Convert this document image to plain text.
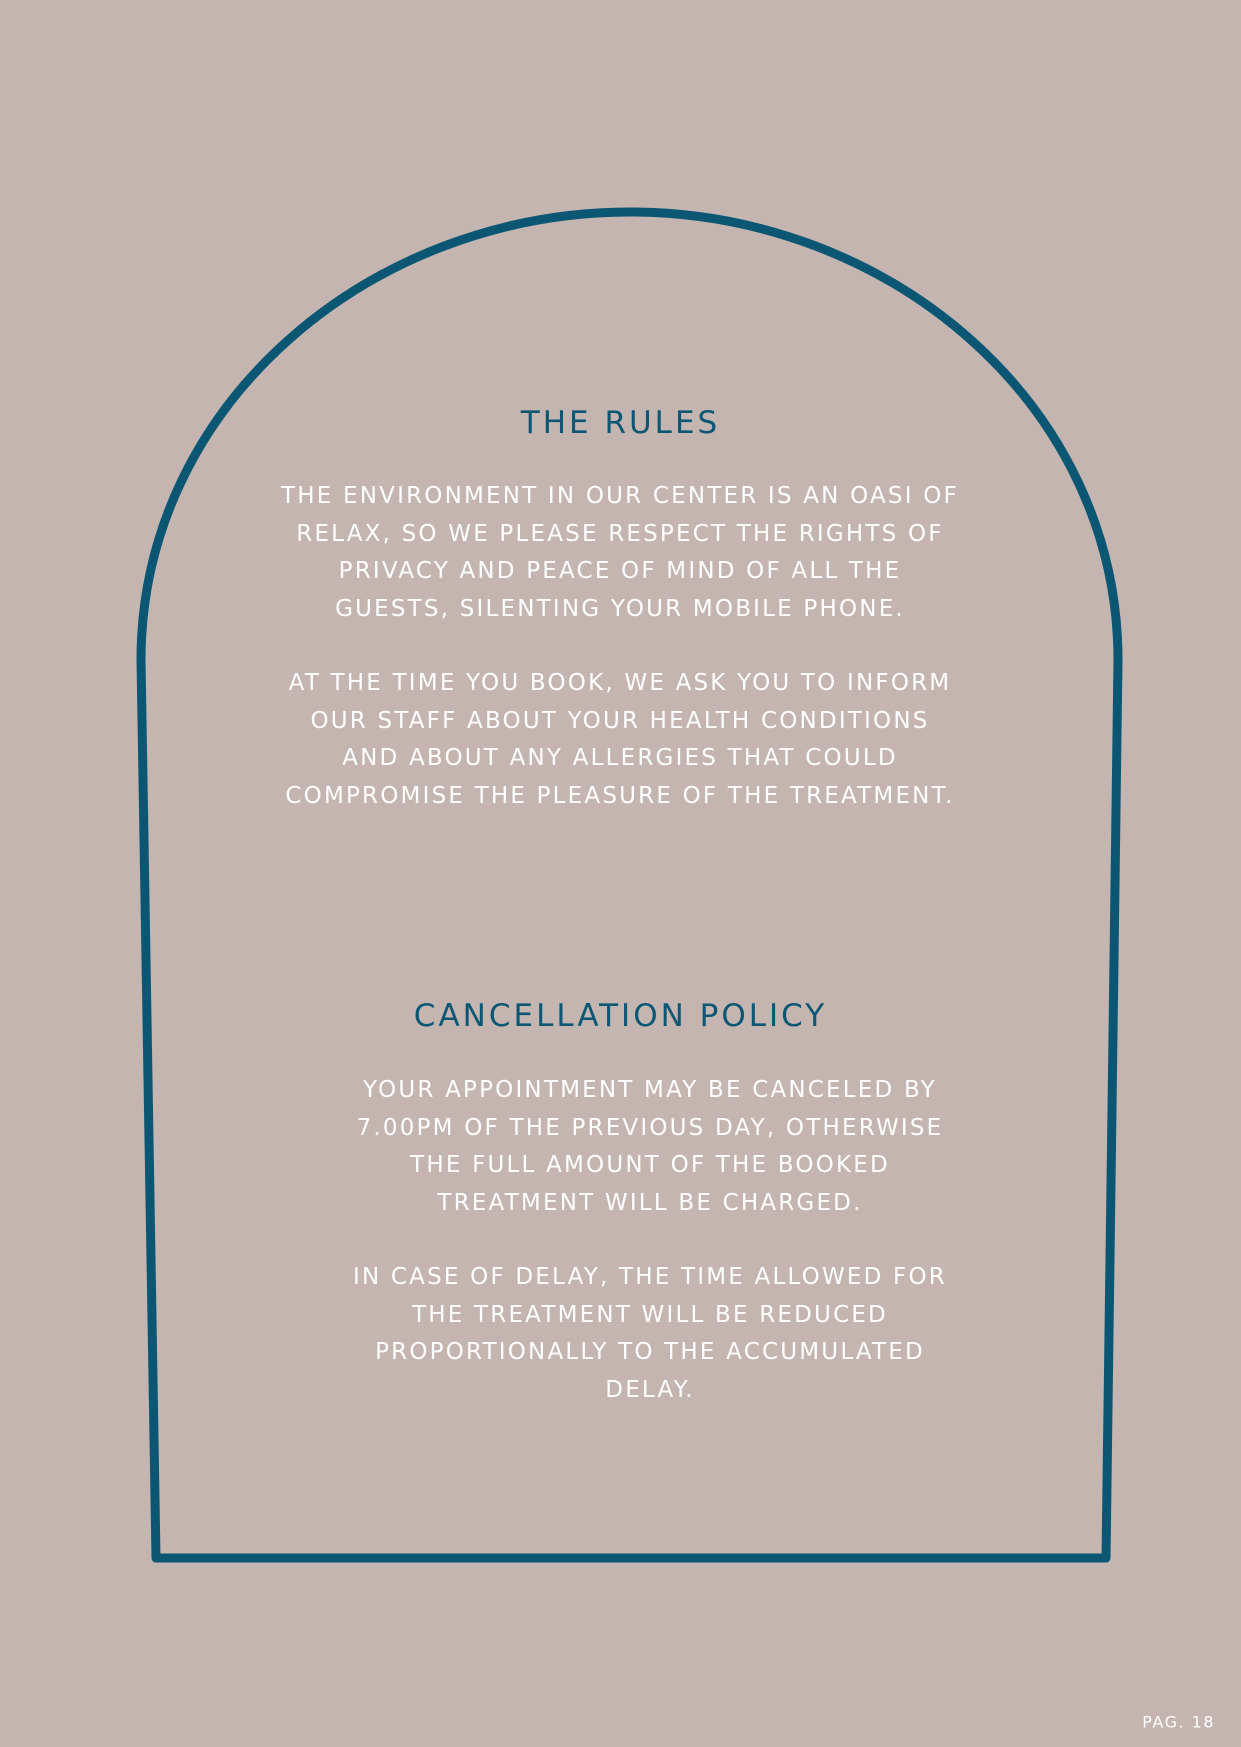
THE RULES

THE ENVIRONMENT IN OUR CENTER IS AN OASI OF
RELAX, SO WE PLEASE RESPECT THE RIGHTS OF
PRIVACY AND PEACE OF MIND OF ALL THE
GUESTS, SILENTING YOUR MOBILE PHONE.

AT THE TIME YOU BOOK, WE ASK YOU TO INFORM
OUR STAFF ABOUT YOUR HEALTH CONDITIONS
AND ABOUT ANY ALLERGIES THAT COULD
COMPROMISE THE PLEASURE OF THE TREATMENT.

CANCELLATION POLICY

YOUR APPOINTMENT MAY BE CANCELED BY
7.00PM OF THE PREVIOUS DAY, OTHERWISE
THE FULL AMOUNT OF THE BOOKED
TREATMENT WILL BE CHARGED.

IN CASE OF DELAY, THE TIME ALLOWED FOR
THE TREATMENT WILL BE REDUCED
PROPORTIONALLY TO THE ACCUMULATED
DELAY.

PAG. 18
